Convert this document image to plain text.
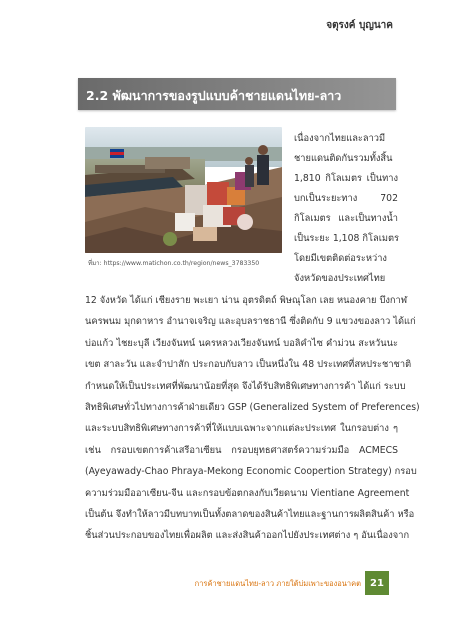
จตุรงค์ บุญนาค
2.2 พัฒนาการของรูปแบบค้าชายแดนไทย-ลาว
ที่มา: https://www.matichon.co.th/region/news_3783350
เนื่องจากไทยและลาวมี
ชายแดนติดกันรวมทั้งสิ้น
1,810 กิโลเมตร เป็นทาง
บกเป็นระยะทาง 702
กิโลเมตร และเป็นทางน้ำ
เป็นระยะ 1,108 กิโลเมตร
โดยมีเขตติดต่อระหว่าง
จังหวัดของประเทศไทย
12 จังหวัด ได้แก่ เชียงราย พะเยา น่าน อุตรดิตถ์ พิษณุโลก เลย หนองคาย บึงกาฬ
นครพนม มุกดาหาร อำนาจเจริญ และอุบลราชธานี ซึ่งติดกับ 9 แขวงของลาว ได้แก่
บ่อแก้ว ไชยะบุลี เวียงจันทน์ นครหลวงเวียงจันทน์ บอลิคำไซ คำม่วน สะหวันนะ
เขต สาละวัน และจำปาสัก ประกอบกับลาว เป็นหนึ่งใน 48 ประเทศที่สหประชาชาติ
กำหนดให้เป็นประเทศที่พัฒนาน้อยที่สุด จึงได้รับสิทธิพิเศษทางการค้า ได้แก่ ระบบ
สิทธิพิเศษทั่วไปทางการค้าฝ่ายเดียว GSP (Generalized System of Preferences)
และระบบสิทธิพิเศษทางการค้าที่ให้แบบเฉพาะจากแต่ละประเทศ ในกรอบต่าง ๆ
เช่น กรอบเขตการค้าเสรีอาเซียน กรอบยุทธศาสตร์ความร่วมมือ ACMECS
(Ayeyawady-Chao Phraya-Mekong Economic Coopertion Strategy) กรอบ
ความร่วมมืออาเซียน-จีน และกรอบข้อตกลงกับเวียดนาม Vientiane Agreement
เป็นต้น จึงทำให้ลาวมีบทบาทเป็นทั้งตลาดของสินค้าไทยและฐานการผลิตสินค้า หรือ
ชิ้นส่วนประกอบของไทยเพื่อผลิต และส่งสินค้าออกไปยังประเทศต่าง ๆ อันเนื่องจาก
การค้าชายแดนไทย-ลาว ภายใต้บ่มเพาะของอนาคต 21
